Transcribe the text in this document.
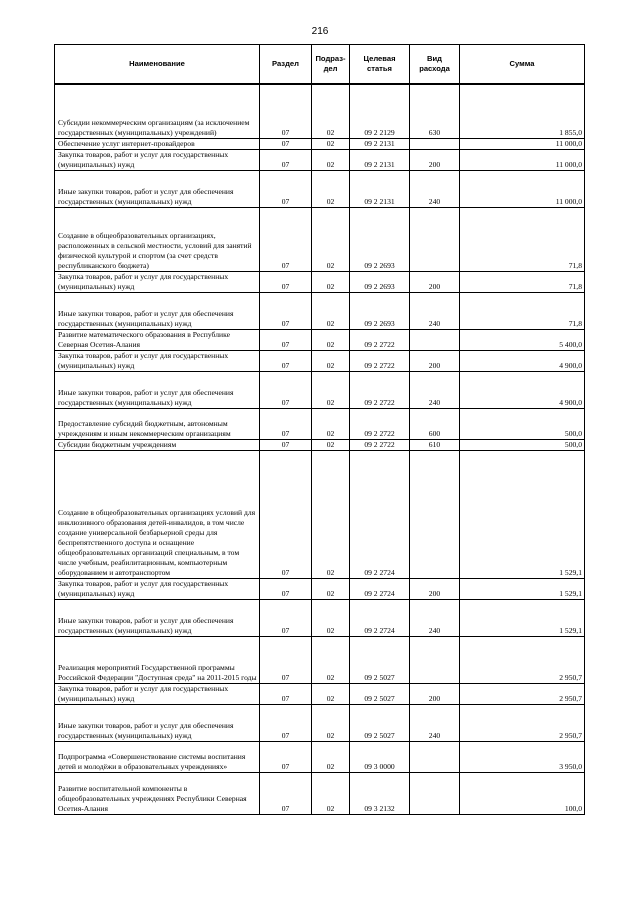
216
Наименование	Раздел	Подраз-дел	Целевая статья	Вид расхода	Сумма
Субсидии некоммерческим организациям (за исключением государственных (муниципальных) учреждений)	07	02	09 2 2129	630	1 855,0
Обеспечение услуг интернет-провайдеров	07	02	09 2 2131		11 000,0
Закупка товаров, работ и услуг для государственных (муниципальных) нужд	07	02	09 2 2131	200	11 000,0
Иные закупки товаров, работ и услуг для обеспечения государственных (муниципальных) нужд	07	02	09 2 2131	240	11 000,0
Создание в общеобразовательных организациях, расположенных в сельской местности, условий для занятий физической культурой и спортом (за счет средств республиканского бюджета)	07	02	09 2 2693		71,8
Закупка товаров, работ и услуг для государственных (муниципальных) нужд	07	02	09 2 2693	200	71,8
Иные закупки товаров, работ и услуг для обеспечения государственных (муниципальных) нужд	07	02	09 2 2693	240	71,8
Развитие математического образования в Республике Северная Осетия-Алания	07	02	09 2 2722		5 400,0
Закупка товаров, работ и услуг для государственных (муниципальных) нужд	07	02	09 2 2722	200	4 900,0
Иные закупки товаров, работ и услуг для обеспечения государственных (муниципальных) нужд	07	02	09 2 2722	240	4 900,0
Предоставление субсидий бюджетным, автономным учреждениям и иным некоммерческим организациям	07	02	09 2 2722	600	500,0
Субсидии бюджетным учреждениям	07	02	09 2 2722	610	500,0
Создание в общеобразовательных организациях условий для инклюзивного образования детей-инвалидов, в том числе создание универсальной безбарьерной среды для беспрепятственного доступа и оснащение общеобразовательных организаций специальным, в том числе учебным, реабилитационным, компьютерным оборудованием и автотранспортом	07	02	09 2 2724		1 529,1
Закупка товаров, работ и услуг для государственных (муниципальных) нужд	07	02	09 2 2724	200	1 529,1
Иные закупки товаров, работ и услуг для обеспечения государственных (муниципальных) нужд	07	02	09 2 2724	240	1 529,1
Реализация мероприятий Государственной программы Российской Федерации "Доступная среда" на 2011-2015 годы	07	02	09 2 5027		2 950,7
Закупка товаров, работ и услуг для государственных (муниципальных) нужд	07	02	09 2 5027	200	2 950,7
Иные закупки товаров, работ и услуг для обеспечения государственных (муниципальных) нужд	07	02	09 2 5027	240	2 950,7
Подпрограмма «Совершенствование системы воспитания детей и молодёжи в образовательных учреждениях»	07	02	09 3 0000		3 950,0
Развитие воспитательной компоненты в общеобразовательных учреждениях Республики Северная Осетия-Алания	07	02	09 3 2132		100,0
